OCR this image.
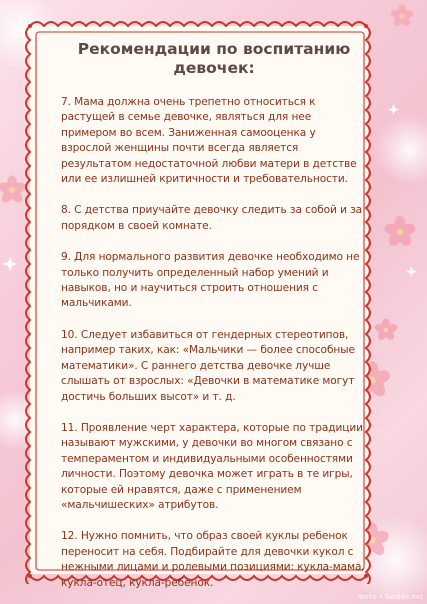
Рекомендации по воспитанию девочек:

7. Мама должна очень трепетно относиться к растущей в семье девочке, являться для нее примером во всем. Заниженная самооценка у взрослой женщины почти всегда является результатом недостаточной любви матери в детстве или ее излишней критичности и требовательности.

8. С детства приучайте девочку следить за собой и за порядком в своей комнате.

9. Для нормального развития девочке необходимо не только получить определенный набор умений и навыков, но и научиться строить отношения с мальчиками.

10. Следует избавиться от гендерных стереотипов, например таких, как: «Мальчики — более способные математики». С раннего детства девочке лучше слышать от взрослых: «Девочки в математике могут достичь больших высот» и т. д.

11. Проявление черт характера, которые по традиции называют мужскими, у девочки во многом связано с темпераментом и индивидуальными особенностями личности. Поэтому девочка может играть в те игры, которые ей нравятся, даже с применением «мальчишеских» атрибутов.

12. Нужно помнить, что образ своей куклы ребенок переносит на себя. Подбирайте для девочки кукол с нежными лицами и ролевыми позициями: кукла-мама, кукла-отец, кукла-ребенок.

Фото • Gozlife.net
